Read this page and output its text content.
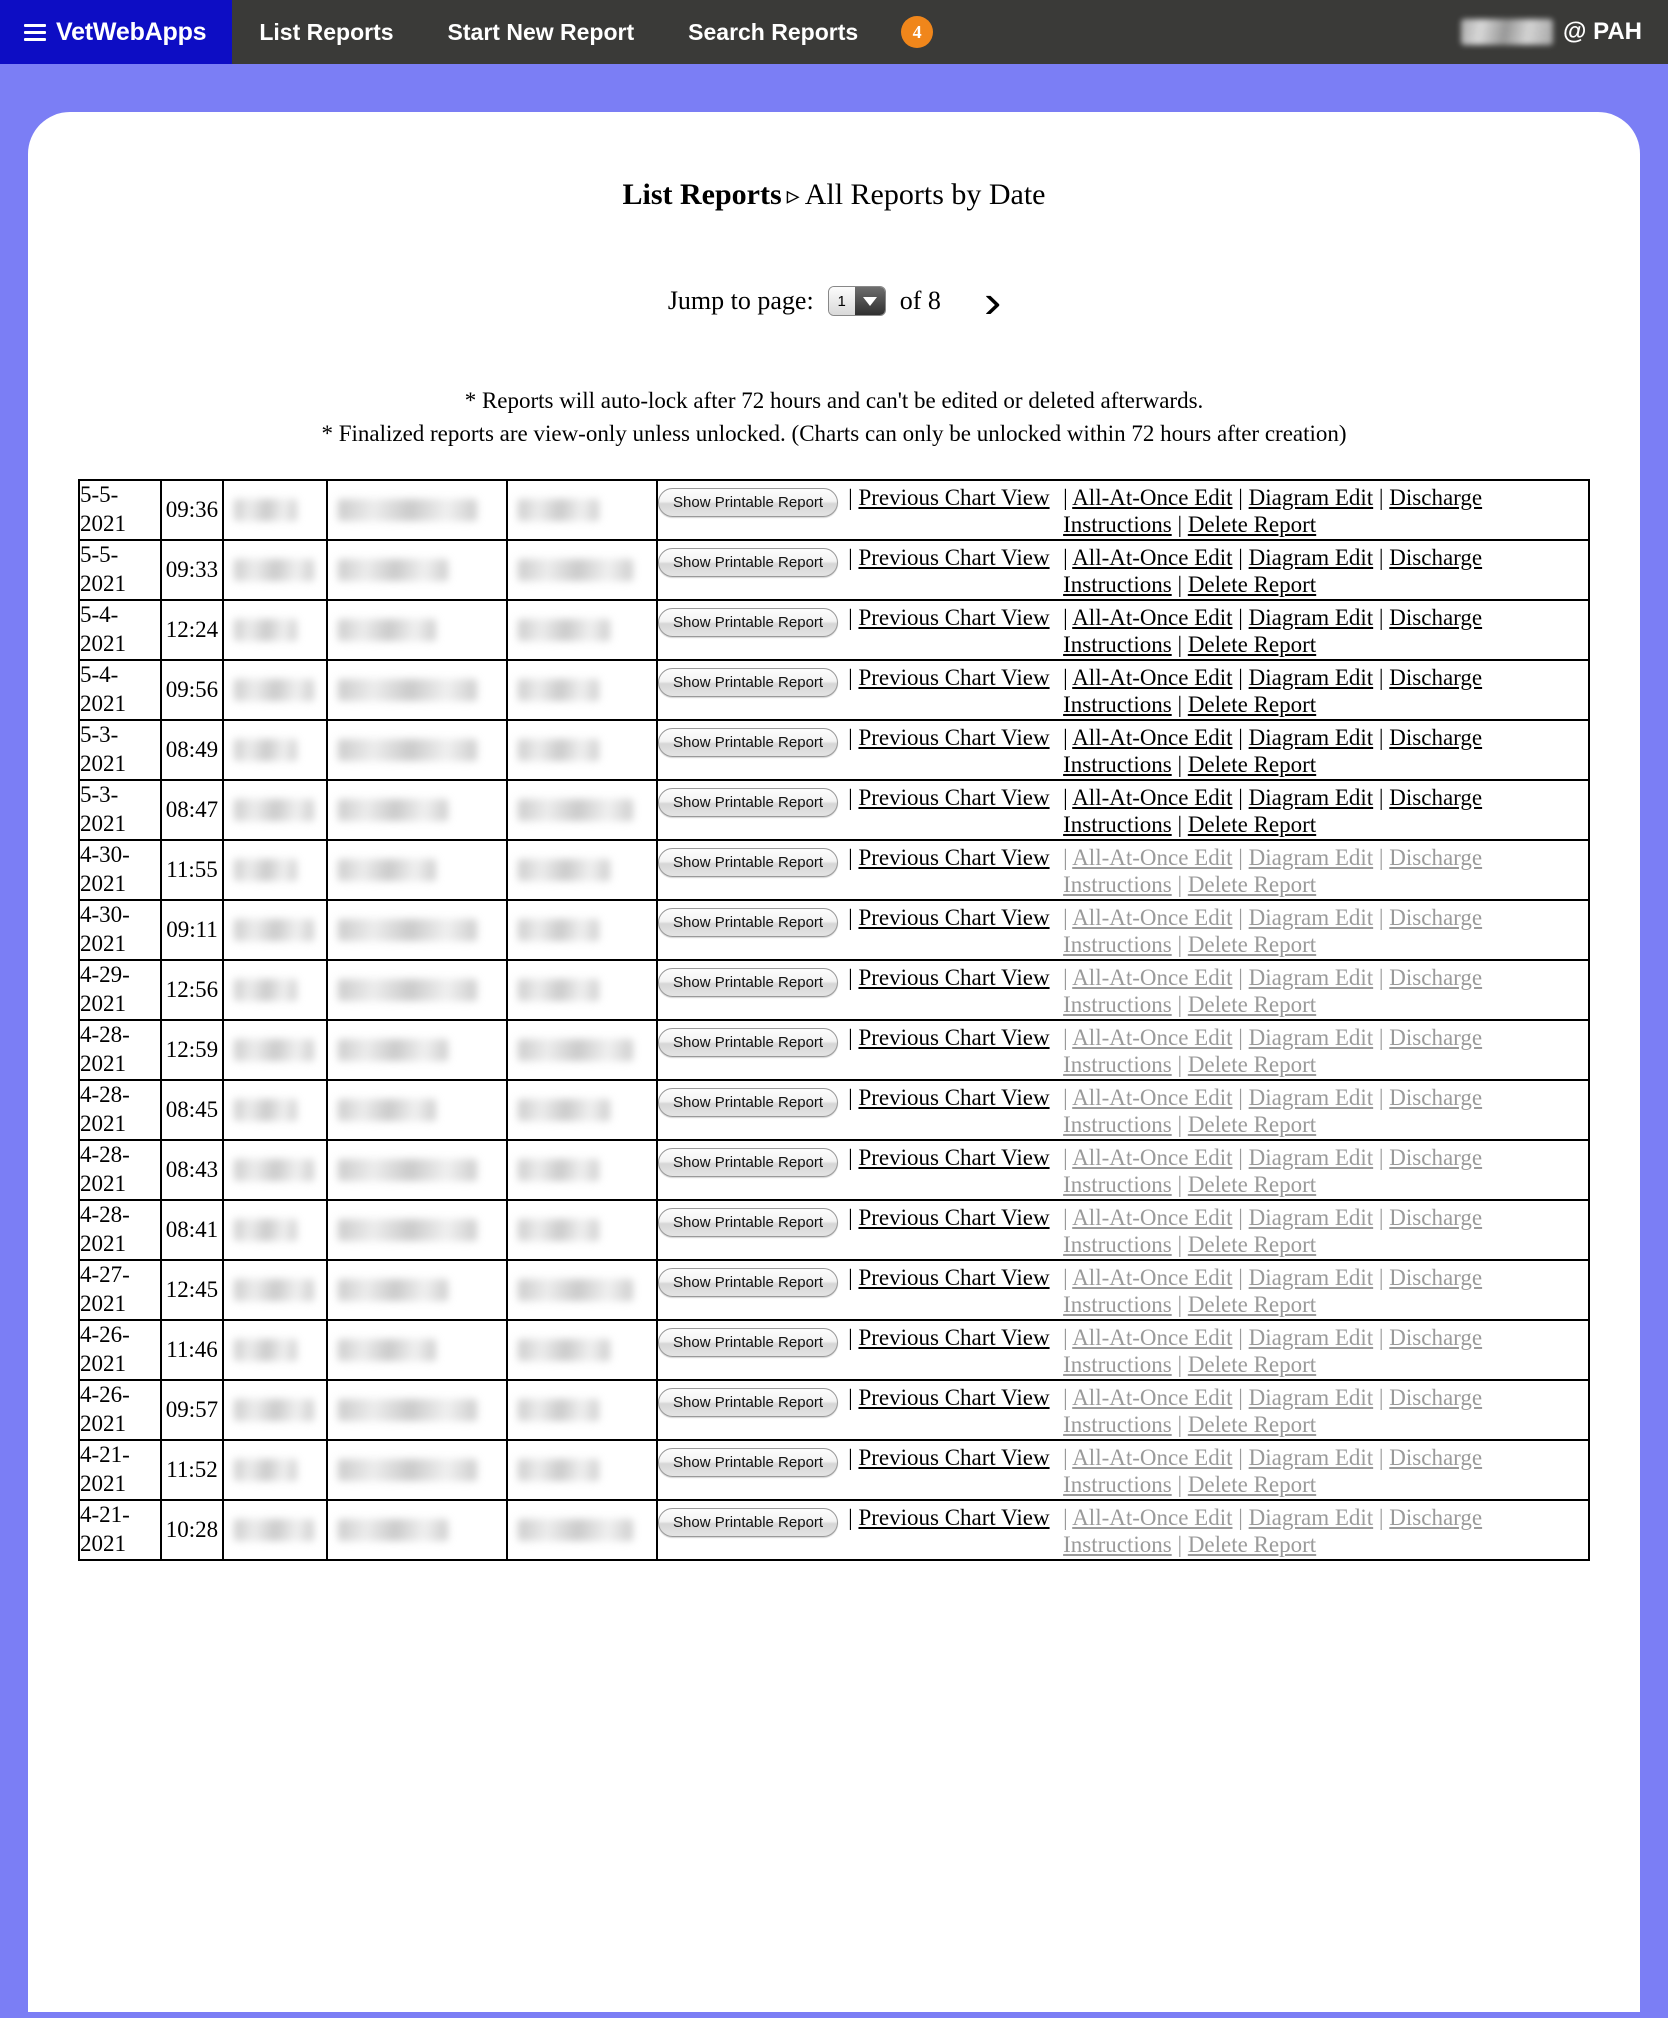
VetWebApps	List Reports	Start New Report	Search Reports	4	@ PAH
List Reports ▹ All Reports by Date
Jump to page:	1	of 8 ›
* Reports will auto-lock after 72 hours and can't be edited or deleted afterwards.
* Finalized reports are view-only unless unlocked. (Charts can only be unlocked within 72 hours after creation)
5-5-2021	09:36				Show Printable Report | Previous Chart View | All-At-Once Edit | Diagram Edit | Discharge Instructions | Delete Report

5-5-2021	09:33				Show Printable Report | Previous Chart View | All-At-Once Edit | Diagram Edit | Discharge Instructions | Delete Report

5-4-2021	12:24				Show Printable Report | Previous Chart View | All-At-Once Edit | Diagram Edit | Discharge Instructions | Delete Report

5-4-2021	09:56				Show Printable Report | Previous Chart View | All-At-Once Edit | Diagram Edit | Discharge Instructions | Delete Report

5-3-2021	08:49				Show Printable Report | Previous Chart View | All-At-Once Edit | Diagram Edit | Discharge Instructions | Delete Report

5-3-2021	08:47				Show Printable Report | Previous Chart View | All-At-Once Edit | Diagram Edit | Discharge Instructions | Delete Report

4-30-2021	11:55				Show Printable Report | Previous Chart View | All-At-Once Edit | Diagram Edit | Discharge Instructions | Delete Report

4-30-2021	09:11				Show Printable Report | Previous Chart View | All-At-Once Edit | Diagram Edit | Discharge Instructions | Delete Report

4-29-2021	12:56				Show Printable Report | Previous Chart View | All-At-Once Edit | Diagram Edit | Discharge Instructions | Delete Report

4-28-2021	12:59				Show Printable Report | Previous Chart View | All-At-Once Edit | Diagram Edit | Discharge Instructions | Delete Report

4-28-2021	08:45				Show Printable Report | Previous Chart View | All-At-Once Edit | Diagram Edit | Discharge Instructions | Delete Report

4-28-2021	08:43				Show Printable Report | Previous Chart View | All-At-Once Edit | Diagram Edit | Discharge Instructions | Delete Report

4-28-2021	08:41				Show Printable Report | Previous Chart View | All-At-Once Edit | Diagram Edit | Discharge Instructions | Delete Report

4-27-2021	12:45				Show Printable Report | Previous Chart View | All-At-Once Edit | Diagram Edit | Discharge Instructions | Delete Report

4-26-2021	11:46				Show Printable Report | Previous Chart View | All-At-Once Edit | Diagram Edit | Discharge Instructions | Delete Report

4-26-2021	09:57				Show Printable Report | Previous Chart View | All-At-Once Edit | Diagram Edit | Discharge Instructions | Delete Report

4-21-2021	11:52				Show Printable Report | Previous Chart View | All-At-Once Edit | Diagram Edit | Discharge Instructions | Delete Report

4-21-2021	10:28				Show Printable Report | Previous Chart View | All-At-Once Edit | Diagram Edit | Discharge Instructions | Delete Report
